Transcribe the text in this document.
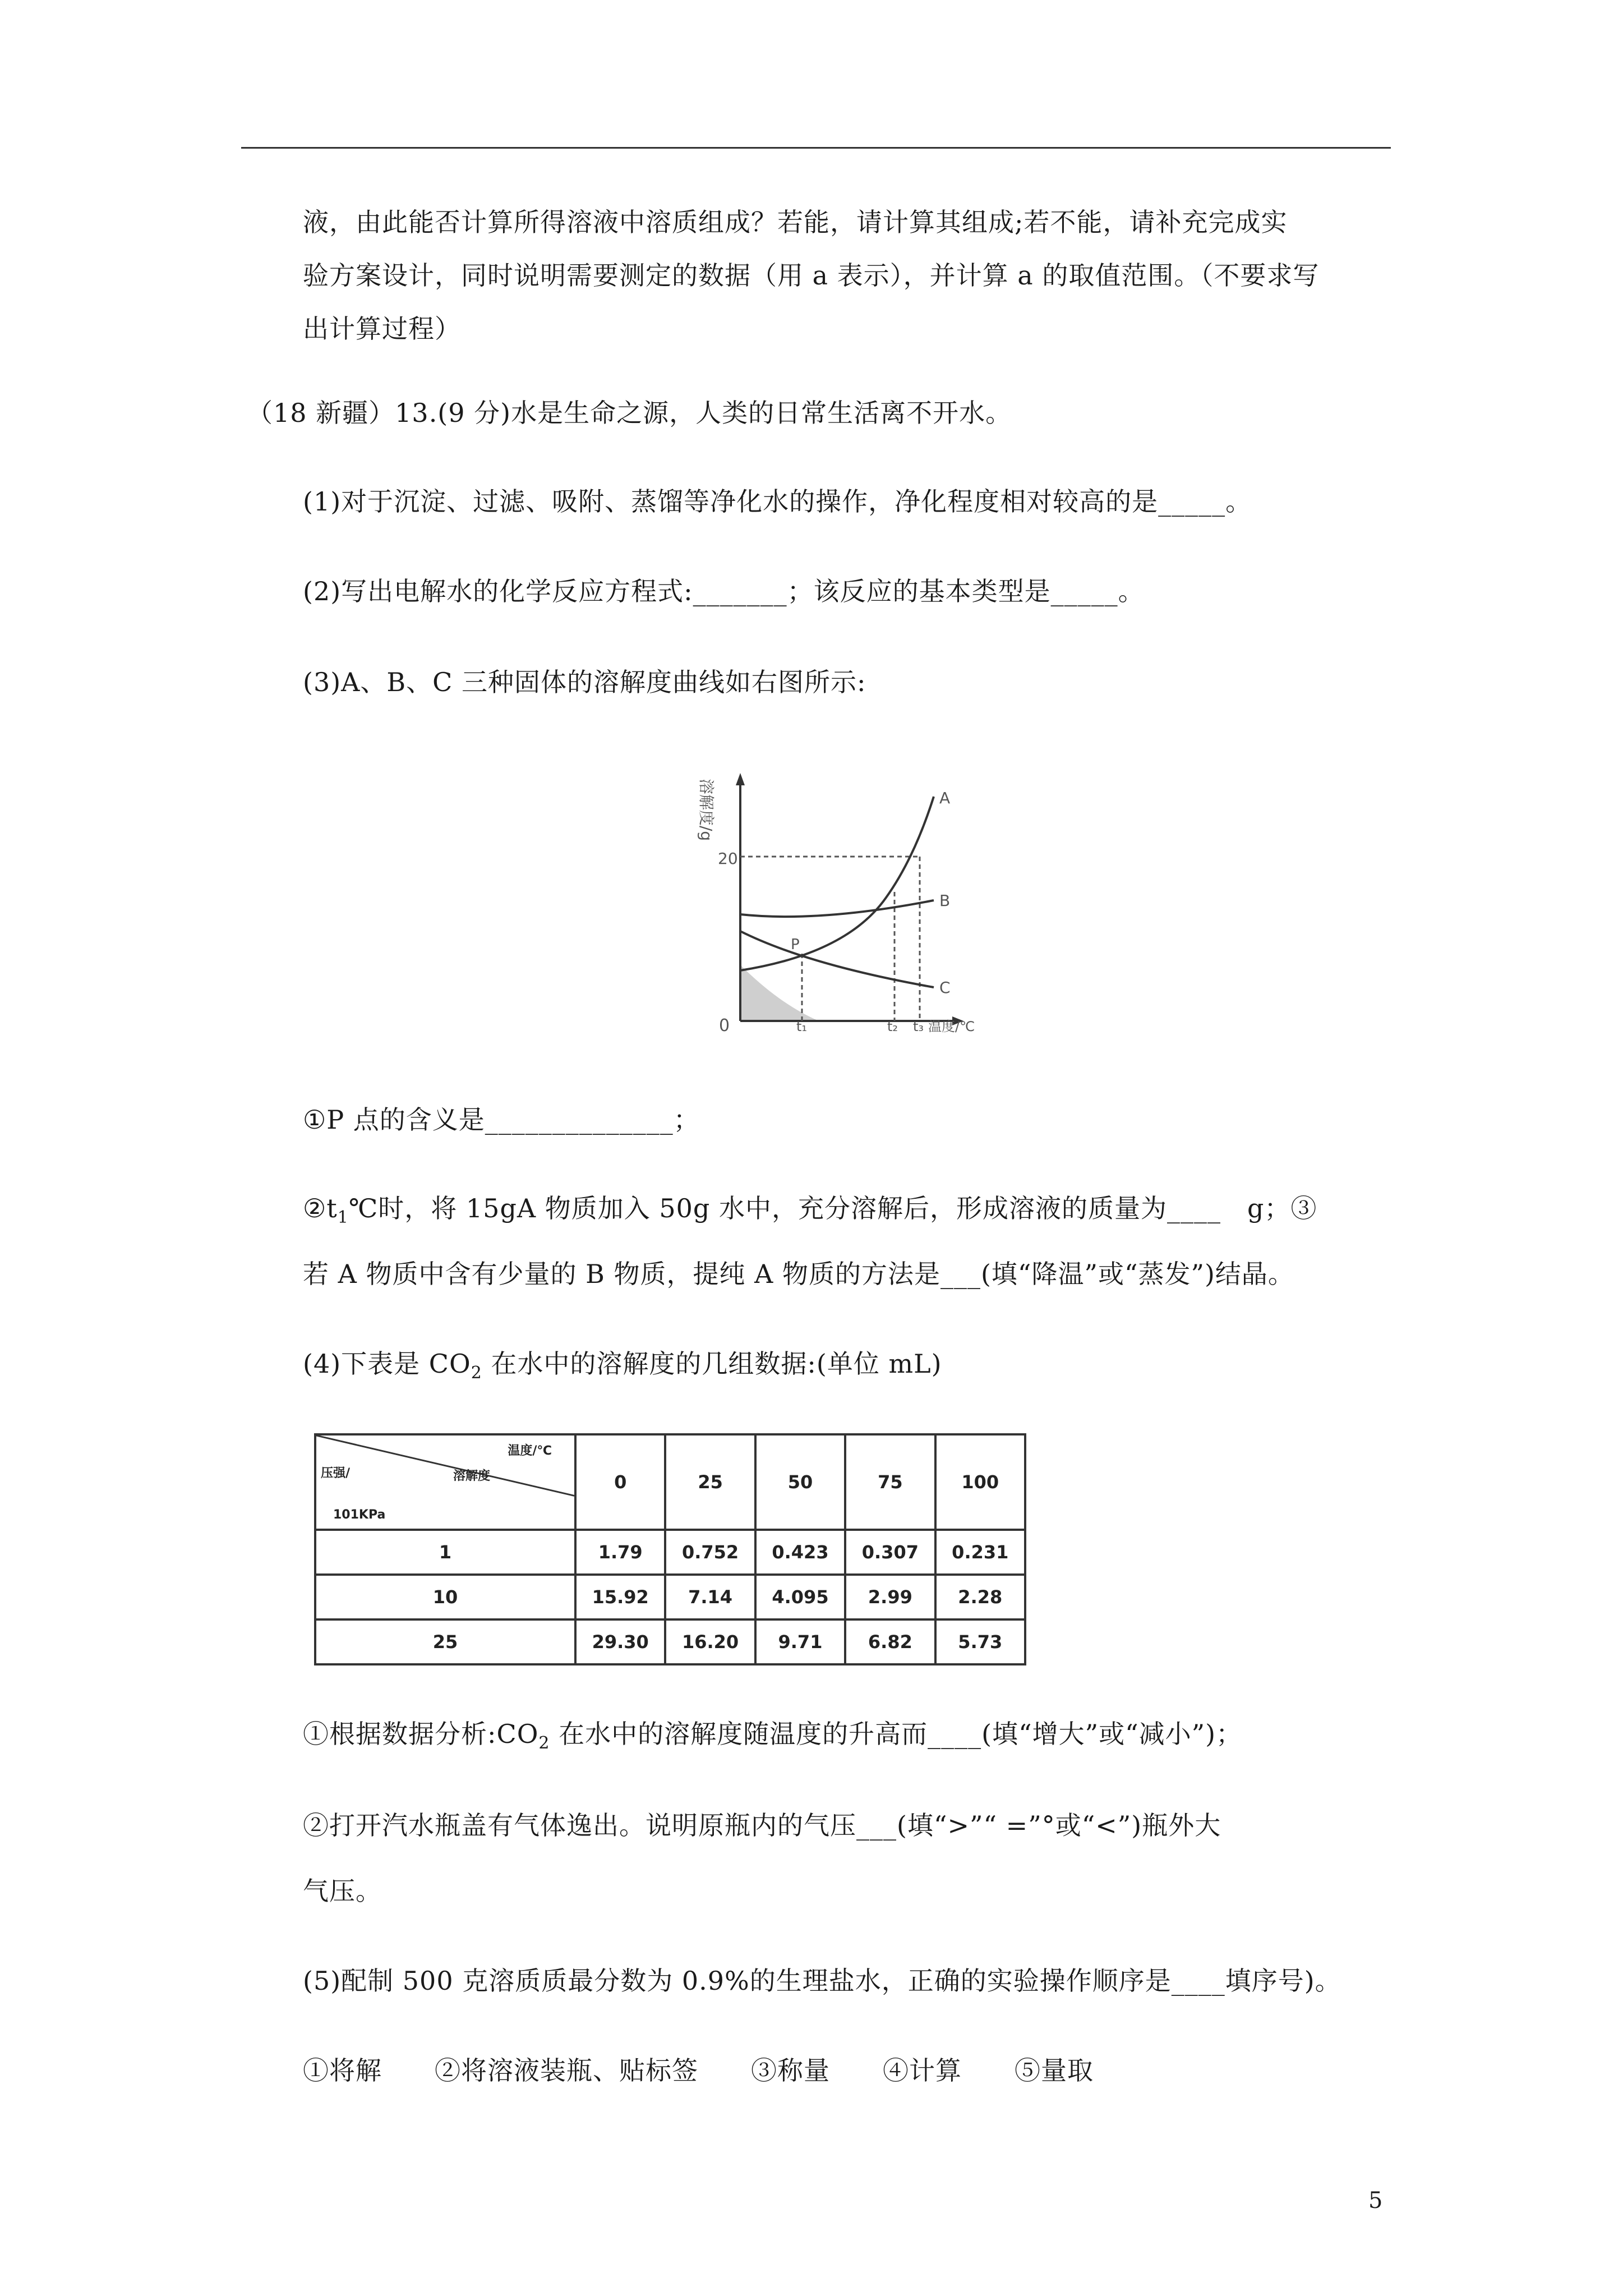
液，由此能否计算所得溶液中溶质组成？若能，请计算其组成;若不能，请补充完成实
验方案设计，同时说明需要测定的数据（用 a 表示），并计算 a 的取值范围。（不要求写
出计算过程）
（18 新疆）13.(9 分)水是生命之源，人类的日常生活离不开水。
(1)对于沉淀、过滤、吸附、蒸馏等净化水的操作，净化程度相对较高的是_____。
(2)写出电解水的化学反应方程式:_______；该反应的基本类型是_____。
(3)A、B、C 三种固体的溶解度曲线如右图所示:
溶解度/g
20
0	t₁	t₂ t₃ 温度/℃
A
B
C
P
①P 点的含义是______________；
$②t_1℃$时，将 15gA 物质加入 50g 水中，充分溶解后，形成溶液的质量为____　g；③
若 A 物质中含有少量的 B 物质，提纯 A 物质的方法是___(填“降温”或“蒸发”)结晶。
(4)下表是 $CO_2$ 在水中的溶解度的几组数据:(单位 mL)
温度/℃
压强/ 溶解度
101KPa	0	25	50	75	100
1	1.79	0.752	0.423	0.307	0.231
10	15.92	7.14	4.095	2.99	2.28
25	29.30	16.20	9.71	6.82	5.73
①根据数据分析$:CO_2$ 在水中的溶解度随温度的升高而____(填“增大”或“减小”)；
②打开汽水瓶盖有气体逸出。说明原瓶内的气压___(填“>”“ =”°或“<”)瓶外大
气压。
(5)配制 500 克溶质质最分数为 0.9%的生理盐水，正确的实验操作顺序是____填序号)。
①将解　　②将溶液装瓶、贴标签　　③称量　　④计算　　⑤量取
5
